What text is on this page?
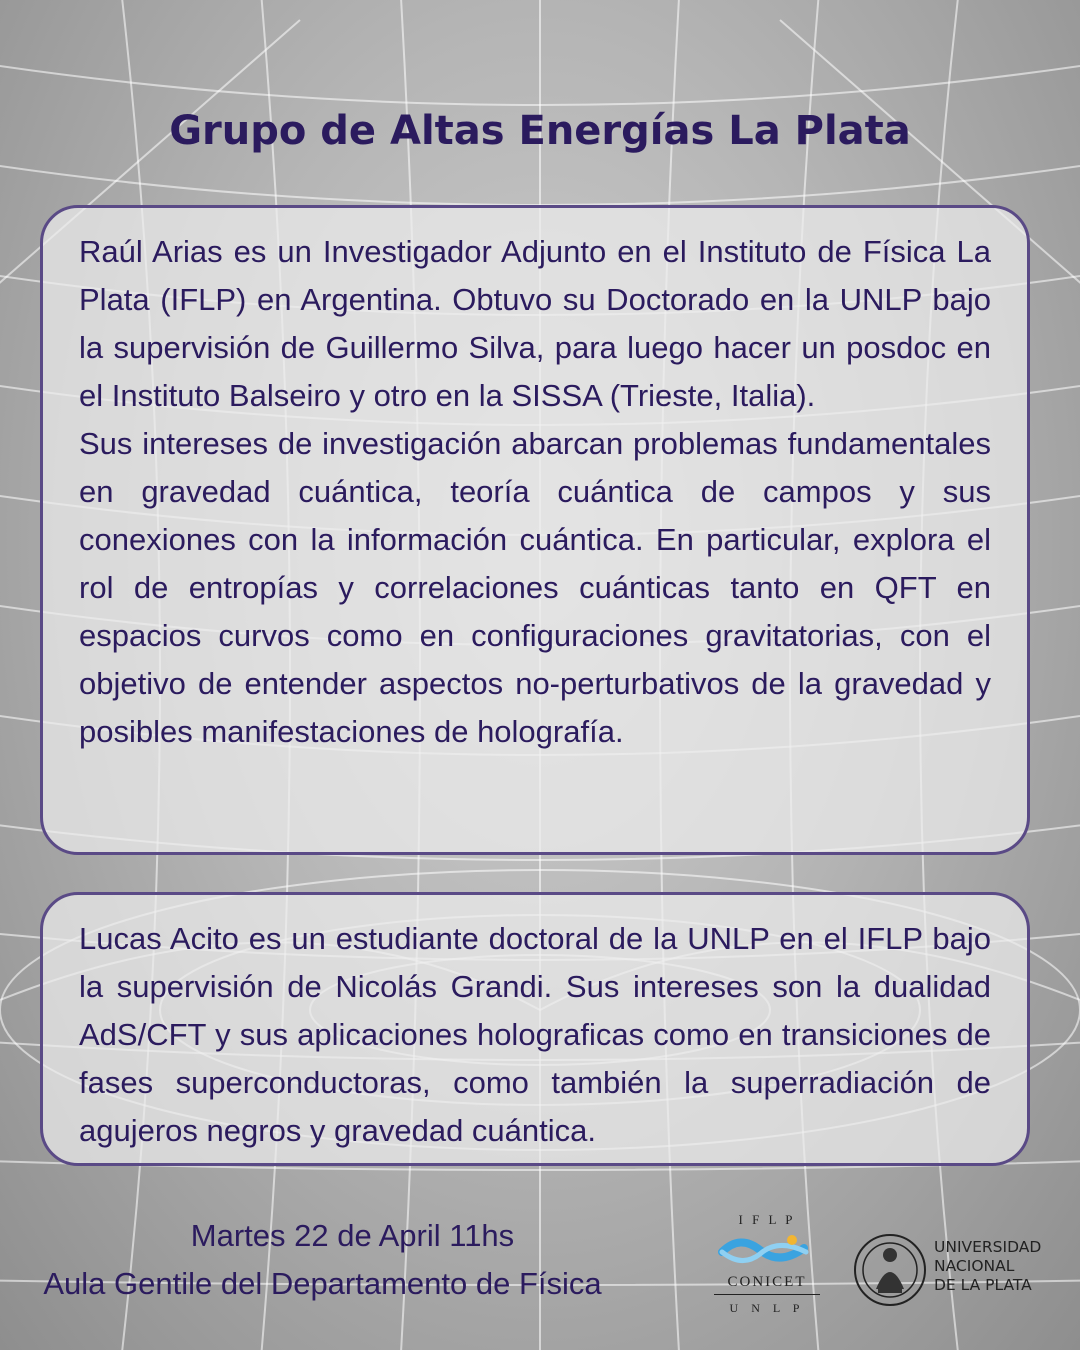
Grupo de Altas Energías La Plata

Raúl Arias es un Investigador Adjunto en el Instituto de Física La Plata (IFLP) en Argentina. Obtuvo su Doctorado en la UNLP bajo la supervisión de Guillermo Silva, para luego hacer un posdoc en el Instituto Balseiro y otro en la SISSA (Trieste, Italia).

Sus intereses de investigación abarcan problemas fundamentales en gravedad cuántica, teoría cuántica de campos y sus conexiones con la información cuántica. En particular, explora el rol de entropías y correlaciones cuánticas tanto en QFT en espacios curvos como en configuraciones gravitatorias, con el objetivo de entender aspectos no-perturbativos de la gravedad y posibles manifestaciones de holografía.

Lucas Acito es un estudiante doctoral de la UNLP en el IFLP bajo la supervisión de Nicolás Grandi. Sus intereses son la dualidad AdS/CFT y sus aplicaciones holograficas como en transiciones de fases superconductoras, como también la superradiación de agujeros negros y gravedad cuántica.

Martes 22 de April 11hs
Aula Gentile del Departamento de Física
I F L P
CONICET
U N L P
UNIVERSIDAD
NACIONAL
DE LA PLATA
